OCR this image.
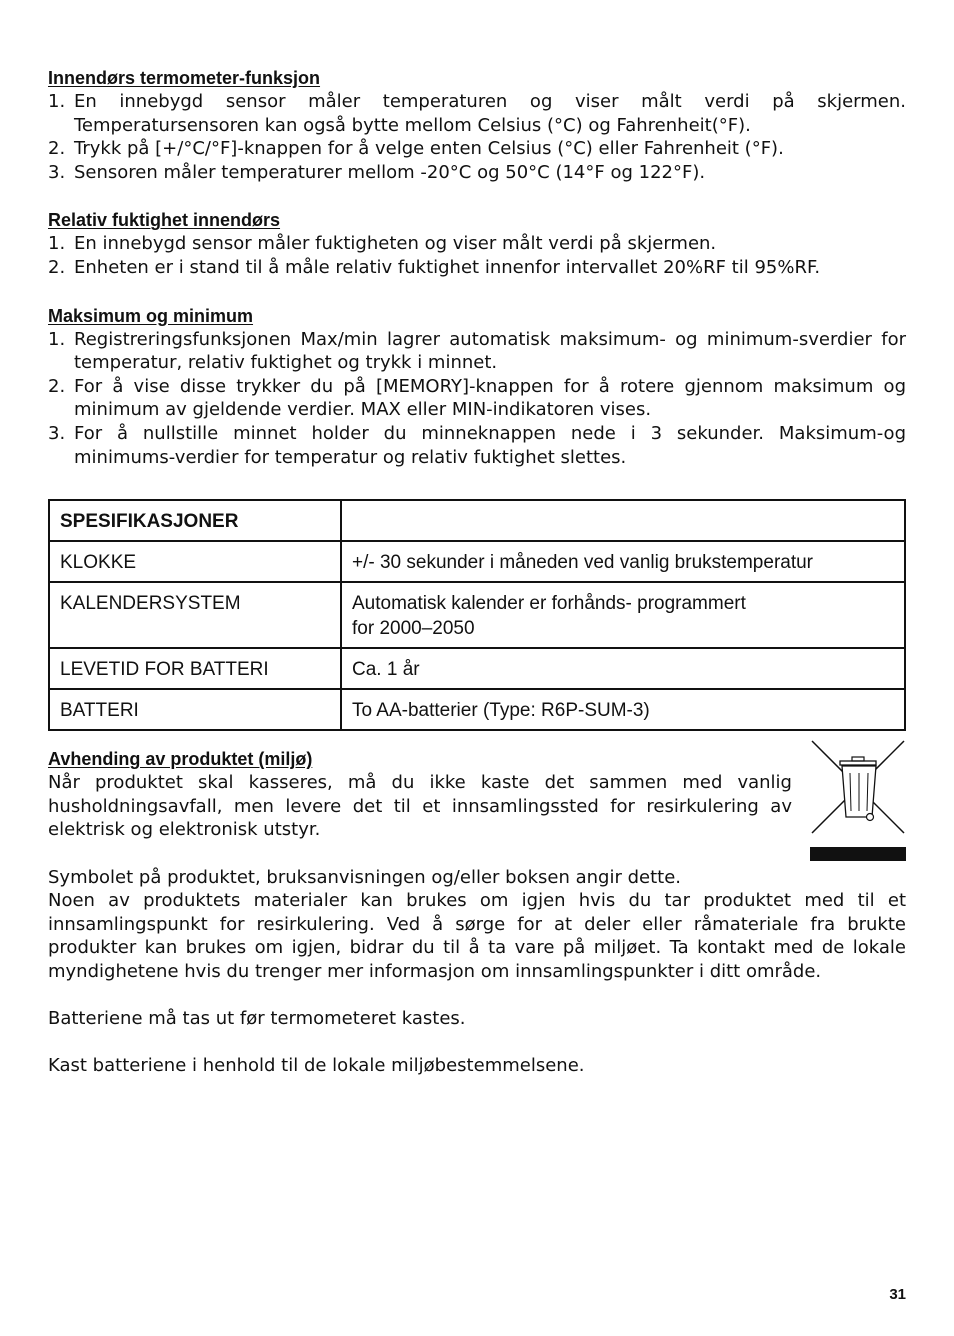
Innendørs termometer-funksjon

1. En innebygd sensor måler temperaturen og viser målt verdi på skjermen. Temperatursensoren kan også bytte mellom Celsius (°C) og Fahrenheit(°F).
2. Trykk på [+/°C/°F]-knappen for å velge enten Celsius (°C) eller Fahrenheit (°F).
3. Sensoren måler temperaturer mellom -20°C og 50°C (14°F og 122°F).

Relativ fuktighet innendørs

1. En innebygd sensor måler fuktigheten og viser målt verdi på skjermen.
2. Enheten er i stand til å måle relativ fuktighet innenfor intervallet 20%RF til 95%RF.

Maksimum og minimum

1. Registreringsfunksjonen Max/min lagrer automatisk maksimum- og minimum-sverdier for temperatur, relativ fuktighet og trykk i minnet.
2. For å vise disse trykker du på [MEMORY]-knappen for å rotere gjennom maksimum og minimum av gjeldende verdier. MAX eller MIN-indikatoren vises.
3. For å nullstille minnet holder du minneknappen nede i 3 sekunder. Maksimum-og minimums-verdier for temperatur og relativ fuktighet slettes.
SPESIFIKASJONER	
KLOKKE	+/- 30 sekunder i måneden ved vanlig brukstemperatur
KALENDERSYSTEM	Automatisk kalender er forhånds- programmert
for 2000–2050
LEVETID FOR BATTERI	Ca. 1 år
BATTERI	To AA-batterier (Type: R6P-SUM-3)

Avhending av produktet (miljø)

Når produktet skal kasseres, må du ikke kaste det sammen med vanlig husholdningsavfall, men levere det til et innsamlingssted for resirkulering av elektrisk og elektronisk utstyr.

Symbolet på produktet, bruksanvisningen og/eller boksen angir dette.

Noen av produktets materialer kan brukes om igjen hvis du tar produktet med til et innsamlingspunkt for resirkulering. Ved å sørge for at deler eller råmateriale fra brukte produkter kan brukes om igjen, bidrar du til å ta vare på miljøet. Ta kontakt med de lokale myndighetene hvis du trenger mer informasjon om innsamlingspunkter i ditt område.

Batteriene må tas ut før termometeret kastes.

Kast batteriene i henhold til de lokale miljøbestemmelsene.

31
